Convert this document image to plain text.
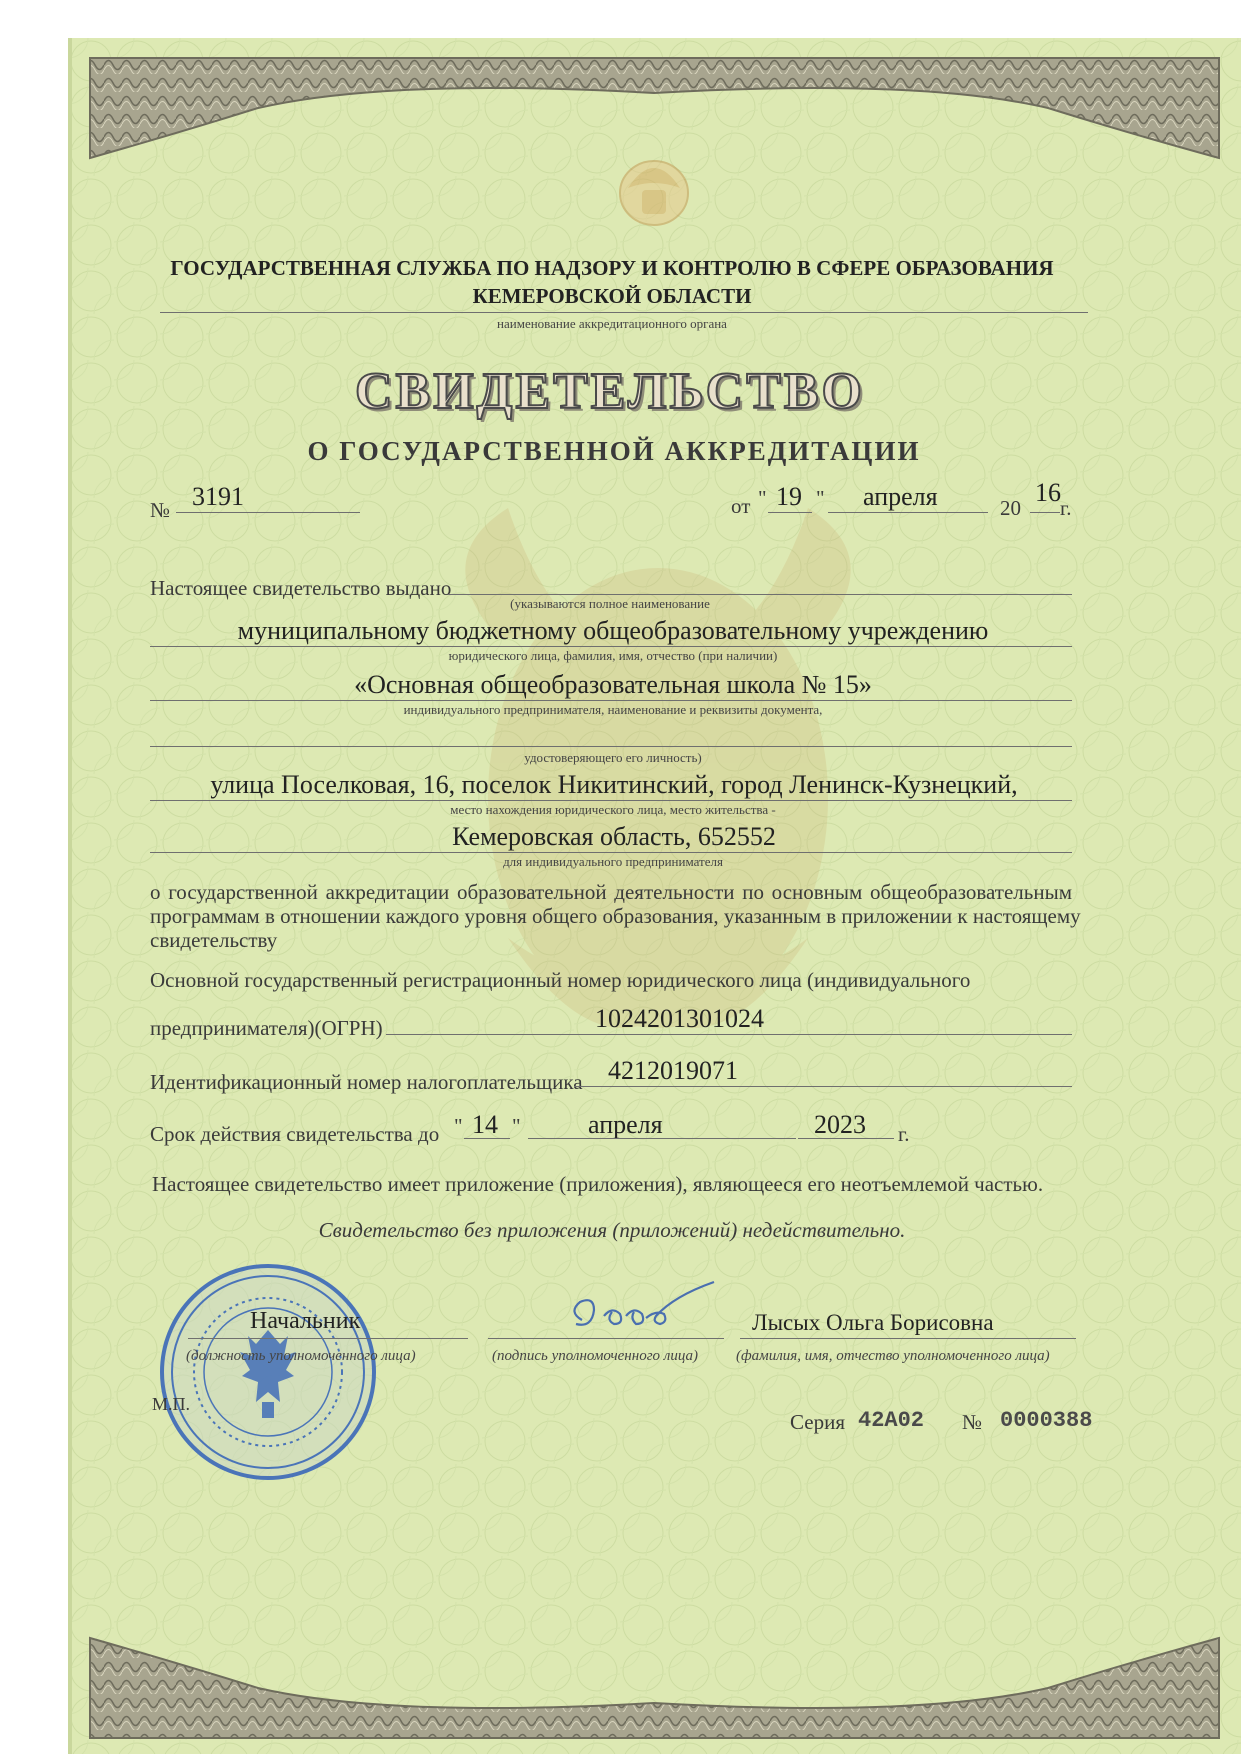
ГОСУДАРСТВЕННАЯ СЛУЖБА ПО НАДЗОРУ И КОНТРОЛЮ В СФЕРЕ ОБРАЗОВАНИЯ
КЕМЕРОВСКОЙ ОБЛАСТИ
наименование аккредитационного органа
СВИДЕТЕЛЬСТВО
О ГОСУДАРСТВЕННОЙ АККРЕДИТАЦИИ
№ 3191	от " 19 " апреля	20
16
г.
Настоящее свидетельство выдано
(указываются полное наименование
муниципальному бюджетному общеобразовательному учреждению
юридического лица, фамилия, имя, отчество (при наличии)
«Основная общеобразовательная школа № 15»
индивидуального предпринимателя, наименование и реквизиты документа,
удостоверяющего его личность)
улица Поселковая, 16, поселок Никитинский, город Ленинск-Кузнецкий,
место нахождения юридического лица, место жительства -
Кемеровская область, 652552
для индивидуального предпринимателя
о государственной аккредитации образовательной деятельности по основным общеобразовательным
программам в отношении каждого уровня общего образования, указанным в приложении к настоящему
свидетельству
Основной государственный регистрационный номер юридического лица (индивидуального
предпринимателя)(ОГРН)	1024201301024
Идентификационный номер налогоплательщика 4212019071
Срок действия свидетельства до " 14 "	апреля	2023 г.
Настоящее свидетельство имеет приложение (приложения), являющееся его неотъемлемой частью.
Свидетельство без приложения (приложений) недействительно.
Начальник
(должность уполномоченного лица)	(подпись уполномоченного лица)
Лысых Ольга Борисовна
(фамилия, имя, отчество уполномоченного лица)
М.П.
Серия 42А02 № 0000388
